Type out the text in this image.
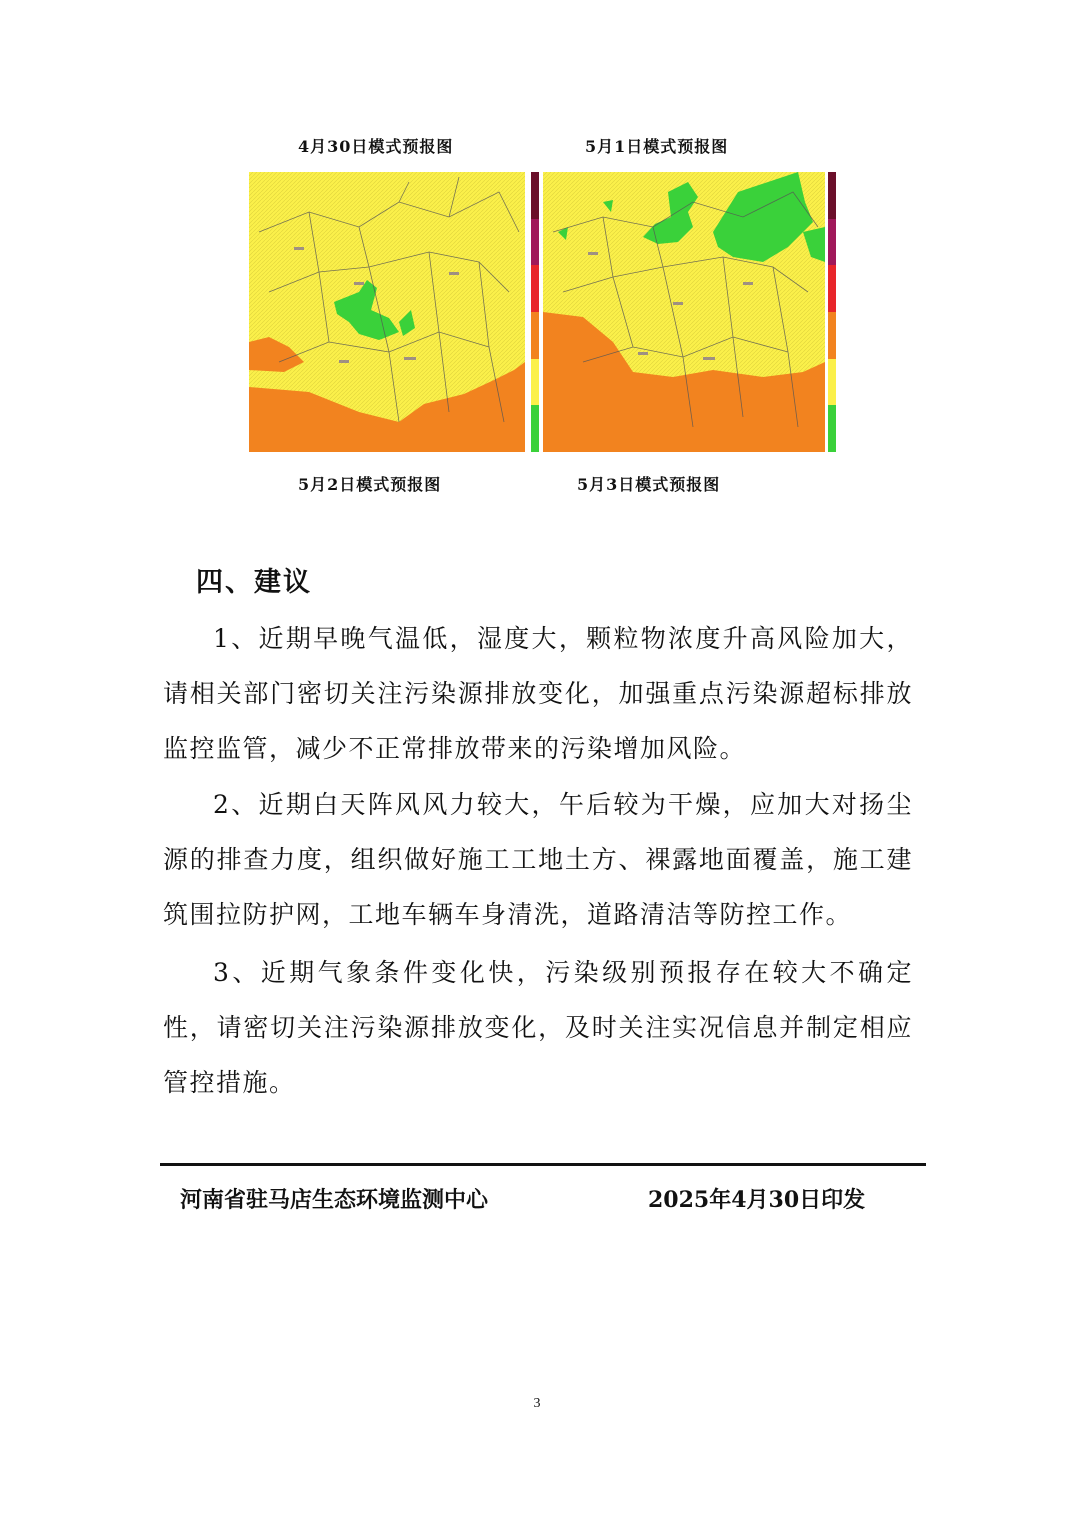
4月30日模式预报图	5月1日模式预报图
5月2日模式预报图	5月3日模式预报图
四、建议

1、近期早晚气温低，湿度大，颗粒物浓度升高风险加大，请相关部门密切关注污染源排放变化，加强重点污染源超标排放监控监管，减少不正常排放带来的污染增加风险。

2、近期白天阵风风力较大，午后较为干燥，应加大对扬尘源的排查力度，组织做好施工工地土方、裸露地面覆盖，施工建筑围拉防护网，工地车辆车身清洗，道路清洁等防控工作。

3、近期气象条件变化快，污染级别预报存在较大不确定性，请密切关注污染源排放变化，及时关注实况信息并制定相应管控措施。

河南省驻马店生态环境监测中心	2025年4月30日印发
3
